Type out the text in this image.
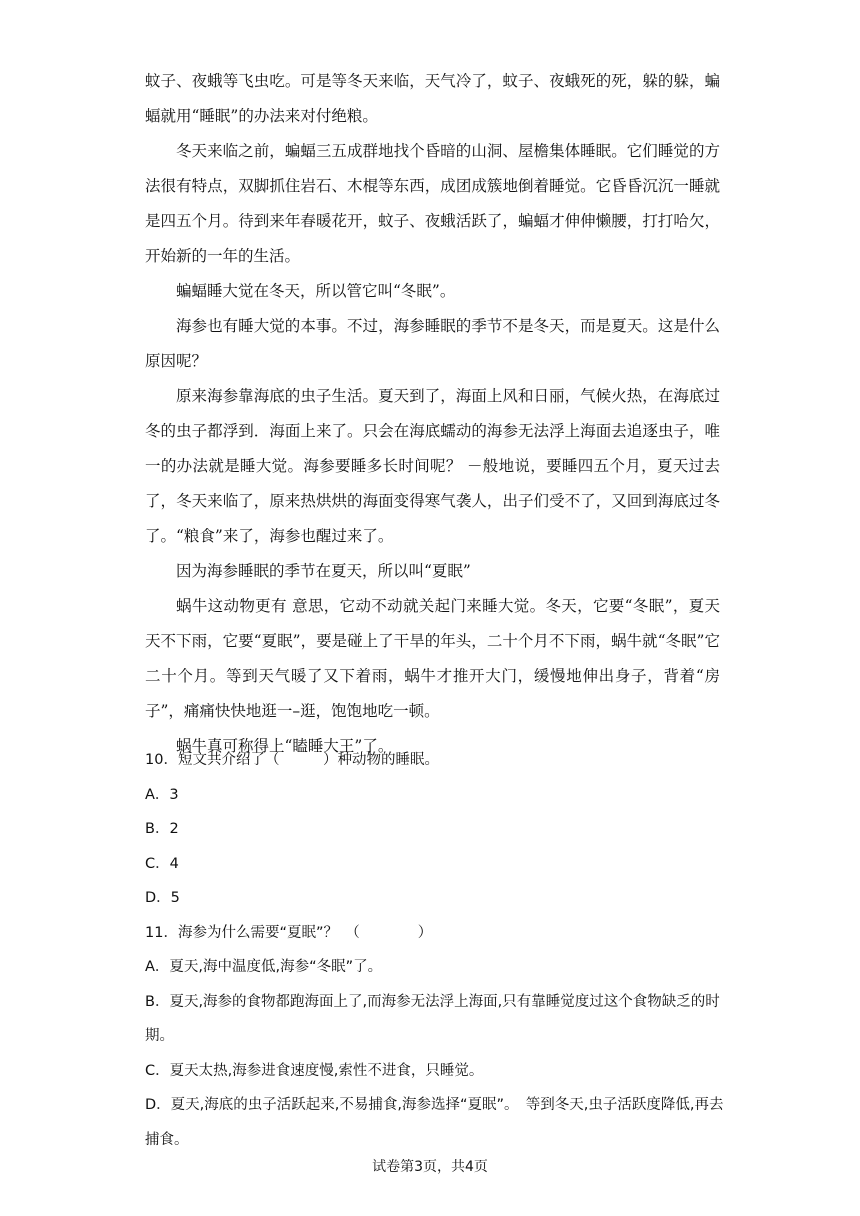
蚊子、夜蛾等飞虫吃。可是等冬天来临，天气冷了，蚊子、夜蛾死的死，躲的躲，蝙蝠就用“睡眠”的办法来对付绝粮。

冬天来临之前，蝙蝠三五成群地找个昏暗的山洞、屋檐集体睡眠。它们睡觉的方法很有特点，双脚抓住岩石、木棍等东西，成团成簇地倒着睡觉。它昏昏沉沉一睡就是四五个月。待到来年春暖花开，蚊子、夜蛾活跃了，蝙蝠才伸伸懒腰，打打哈欠，开始新的一年的生活。

蝙蝠睡大觉在冬天，所以管它叫“冬眠”。

海参也有睡大觉的本事。不过，海参睡眠的季节不是冬天，而是夏天。这是什么原因呢？

原来海参靠海底的虫子生活。夏天到了，海面上风和日丽，气候火热，在海底过冬的虫子都浮到．海面上来了。只会在海底蠕动的海参无法浮上海面去追逐虫子，唯一的办法就是睡大觉。海参要睡多长时间呢？ －般地说，要睡四五个月，夏天过去了，冬天来临了，原来热烘烘的海面变得寒气袭人，出子们受不了，又回到海底过冬了。“粮食”来了，海参也醒过来了。

因为海参睡眠的季节在夏天，所以叫“夏眠”

蜗牛这动物更有 意思，它动不动就关起门来睡大觉。冬天，它要“冬眠”，夏天天不下雨，它要“夏眠”，要是碰上了干旱的年头，二十个月不下雨，蜗牛就“冬眠”它二十个月。等到天气暖了又下着雨，蜗牛才推开大门，缓慢地伸出身子，背着“房子”，痛痛快快地逛一–逛，饱饱地吃一顿。

蜗牛真可称得上“瞌睡大王”了。

10．短文共介绍了（　　　）种动物的睡眠。

A．3

B．2

C．4

D．5

11．海参为什么需要“夏眠”？　（　　　　）

A．夏天,海中温度低,海参“冬眠”了。

B．夏天,海参的食物都跑海面上了,而海参无法浮上海面,只有靠睡觉度过这个食物缺乏的时期。

C．夏天太热,海参进食速度慢,索性不进食，只睡觉。

D．夏天,海底的虫子活跃起来,不易捕食,海参选择“夏眠”。　等到冬天,虫子活跃度降低,再去捕食。

试卷第3页，共4页
